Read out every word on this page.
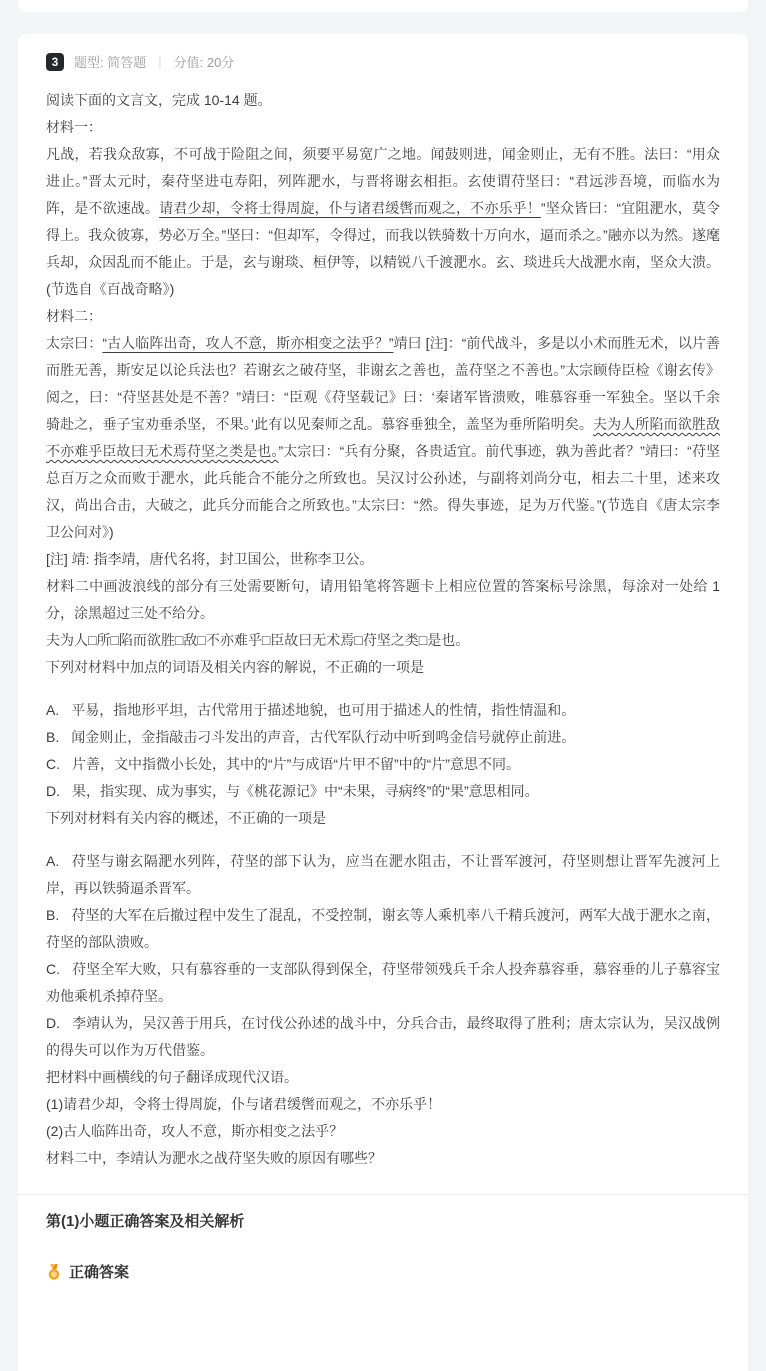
3	题型: 简答题 | 分值: 20分

阅读下面的文言文，完成 10-14 题。

材料一：

凡战，若我众敌寡，不可战于险阻之间，须要平易宽广之地。闻鼓则进，闻金则止，无有不胜。法曰：“用众进止。”晋太元时，秦苻坚进屯寿阳，列阵淝水，与晋将谢玄相拒。玄使谓苻坚曰：“君远涉吾境，而临水为阵，是不欲速战。请君少却，令将士得周旋，仆与诸君缓辔而观之，不亦乐乎！”坚众皆曰：“宜阻淝水，莫令得上。我众彼寡，势必万全。”坚曰：“但却军，令得过，而我以铁骑数十万向水，逼而杀之。”融亦以为然。遂麾兵却，众因乱而不能止。于是，玄与谢琰、桓伊等，以精锐八千渡淝水。玄、琰进兵大战淝水南，坚众大溃。(节选自《百战奇略》)

材料二：

太宗曰：“古人临阵出奇，攻人不意，斯亦相变之法乎？”靖曰 [注]：“前代战斗，多是以小术而胜无术，以片善而胜无善，斯安足以论兵法也？若谢玄之破苻坚，非谢玄之善也，盖苻坚之不善也。”太宗顾侍臣检《谢玄传》阅之，曰：“苻坚甚处是不善？”靖曰：“臣观《苻坚载记》曰：‘秦诸军皆溃败，唯慕容垂一军独全。坚以千余骑赴之，垂子宝劝垂杀坚，不果。’此有以见秦师之乱。慕容垂独全，盖坚为垂所陷明矣。夫为人所陷而欲胜敌不亦难乎臣故曰无术焉苻坚之类是也。”太宗曰：“兵有分聚，各贵适宜。前代事迹，孰为善此者？”靖曰：“苻坚总百万之众而败于淝水，此兵能合不能分之所致也。吴汉讨公孙述，与副将刘尚分屯，相去二十里，述来攻汉，尚出合击，大破之，此兵分而能合之所致也。”太宗曰：“然。得失事迹，足为万代鉴。”(节选自《唐太宗李卫公问对》)

[注] 靖: 指李靖，唐代名将，封卫国公，世称李卫公。

材料二中画波浪线的部分有三处需要断句，请用铅笔将答题卡上相应位置的答案标号涂黑，每涂对一处给 1 分，涂黑超过三处不给分。

夫为人□所□陷而欲胜□敌□不亦难乎□臣故曰无术焉□苻坚之类□是也。

下列对材料中加点的词语及相关内容的解说，不正确的一项是

A. 平易，指地形平坦，古代常用于描述地貌，也可用于描述人的性情，指性情温和。

B. 闻金则止，金指敲击刁斗发出的声音，古代军队行动中听到鸣金信号就停止前进。

C. 片善，文中指微小长处，其中的“片”与成语“片甲不留”中的“片”意思不同。

D. 果，指实现、成为事实，与《桃花源记》中“未果，寻病终”的“果”意思相同。

下列对材料有关内容的概述，不正确的一项是

A. 苻坚与谢玄隔淝水列阵，苻坚的部下认为，应当在淝水阻击，不让晋军渡河，苻坚则想让晋军先渡河上岸，再以铁骑逼杀晋军。

B. 苻坚的大军在后撤过程中发生了混乱，不受控制，谢玄等人乘机率八千精兵渡河，两军大战于淝水之南，苻坚的部队溃败。

C. 苻坚全军大败，只有慕容垂的一支部队得到保全，苻坚带领残兵千余人投奔慕容垂，慕容垂的儿子慕容宝劝他乘机杀掉苻坚。

D. 李靖认为，吴汉善于用兵，在讨伐公孙述的战斗中，分兵合击，最终取得了胜利；唐太宗认为，吴汉战例的得失可以作为万代借鉴。

把材料中画横线的句子翻译成现代汉语。

(1)请君少却，令将士得周旋，仆与诸君缓辔而观之，不亦乐乎！

(2)古人临阵出奇，攻人不意，斯亦相变之法乎？

材料二中，李靖认为淝水之战苻坚失败的原因有哪些？

第(1)小题正确答案及相关解析
正确答案
